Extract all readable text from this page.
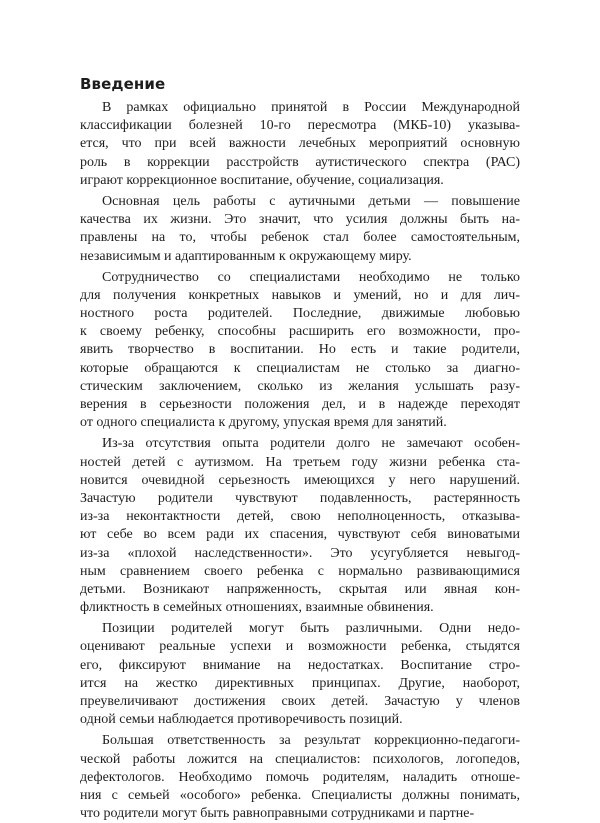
Введение
В рамках официально принятой в России Международной
классификации болезней 10-го пересмотра (МКБ-10) указыва-
ется, что при всей важности лечебных мероприятий основную
роль в коррекции расстройств аутистического спектра (РАС)
играют коррекционное воспитание, обучение, социализация.
Основная цель работы с аутичными детьми — повышение
качества их жизни. Это значит, что усилия должны быть на-
правлены на то, чтобы ребенок стал более самостоятельным,
независимым и адаптированным к окружающему миру.
Сотрудничество со специалистами необходимо не только
для получения конкретных навыков и умений, но и для лич-
ностного роста родителей. Последние, движимые любовью
к своему ребенку, способны расширить его возможности, про-
явить творчество в воспитании. Но есть и такие родители,
которые обращаются к специалистам не столько за диагно-
стическим заключением, сколько из желания услышать разу-
верения в серьезности положения дел, и в надежде переходят
от одного специалиста к другому, упуская время для занятий.
Из-за отсутствия опыта родители долго не замечают особен-
ностей детей с аутизмом. На третьем году жизни ребенка ста-
новится очевидной серьезность имеющихся у него нарушений.
Зачастую родители чувствуют подавленность, растерянность
из-за неконтактности детей, свою неполноценность, отказыва-
ют себе во всем ради их спасения, чувствуют себя виноватыми
из-за «плохой наследственности». Это усугубляется невыгод-
ным сравнением своего ребенка с нормально развивающимися
детьми. Возникают напряженность, скрытая или явная кон-
фликтность в семейных отношениях, взаимные обвинения.
Позиции родителей могут быть различными. Одни недо-
оценивают реальные успехи и возможности ребенка, стыдятся
его, фиксируют внимание на недостатках. Воспитание стро-
ится на жестко директивных принципах. Другие, наоборот,
преувеличивают достижения своих детей. Зачастую у членов
одной семьи наблюдается противоречивость позиций.
Большая ответственность за результат коррекционно-педагоги-
ческой работы ложится на специалистов: психологов, логопедов,
дефектологов. Необходимо помочь родителям, наладить отноше-
ния с семьей «особого» ребенка. Специалисты должны понимать,
что родители могут быть равноправными сотрудниками и партне-
